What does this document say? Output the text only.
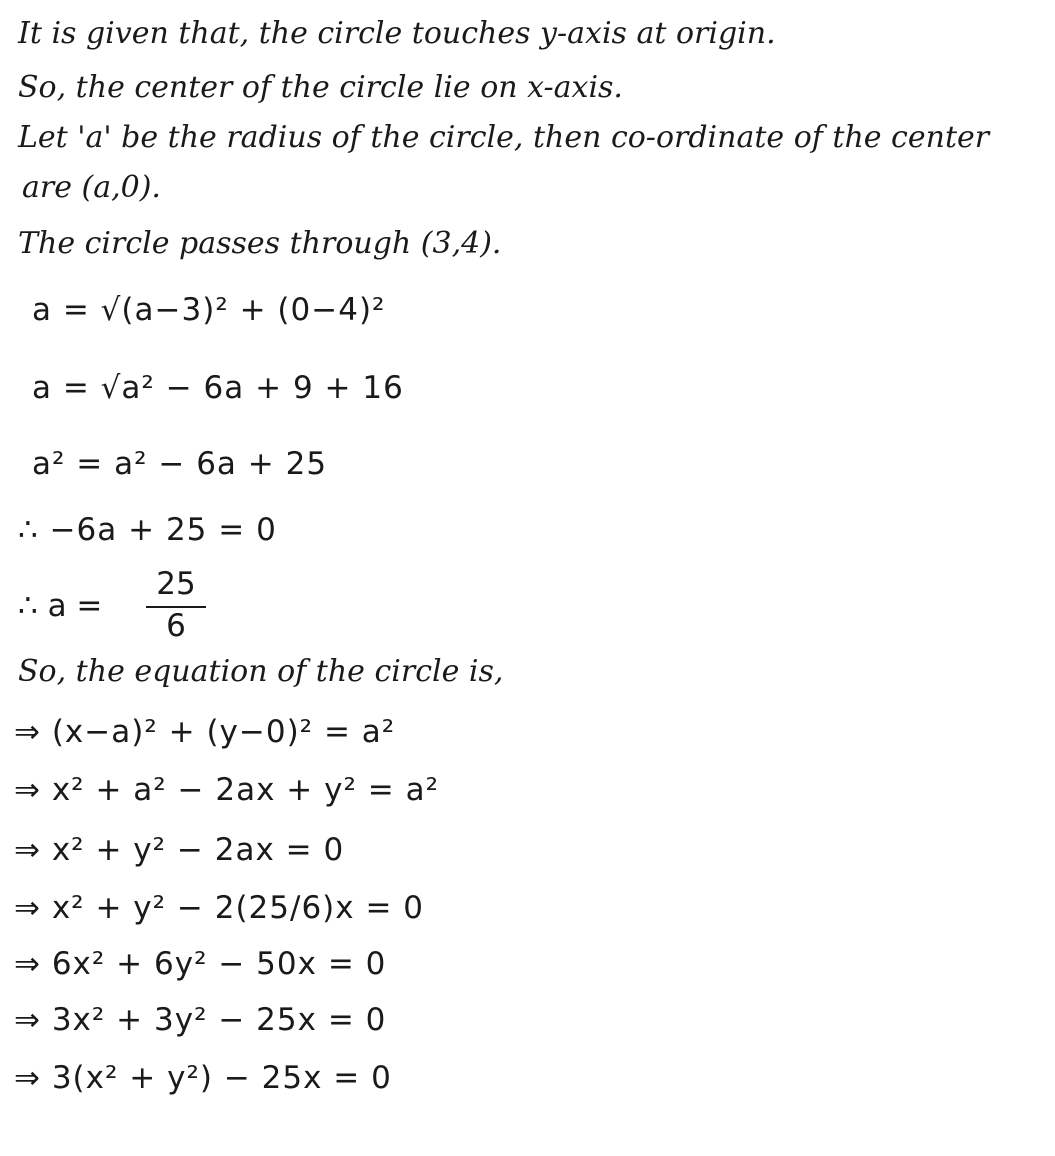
It is given that, the circle touches y-axis at origin.
So, the center of the circle lie on x-axis.
Let 'a' be the radius of the circle, then co-ordinate of the center
are (a,0).
The circle passes through (3,4).
a = √(a−3)² + (0−4)²
a = √a² − 6a + 9 + 16
a² = a² − 6a + 25
∴ −6a + 25 = 0
∴ a =
25
6
So, the equation of the circle is,
⇒ (x−a)² + (y−0)² = a²
⇒ x² + a² − 2ax + y² = a²
⇒ x² + y² − 2ax = 0
⇒ x² + y² − 2(25/6)x = 0
⇒ 6x² + 6y² − 50x = 0
⇒ 3x² + 3y² − 25x = 0
⇒ 3(x² + y²) − 25x = 0
